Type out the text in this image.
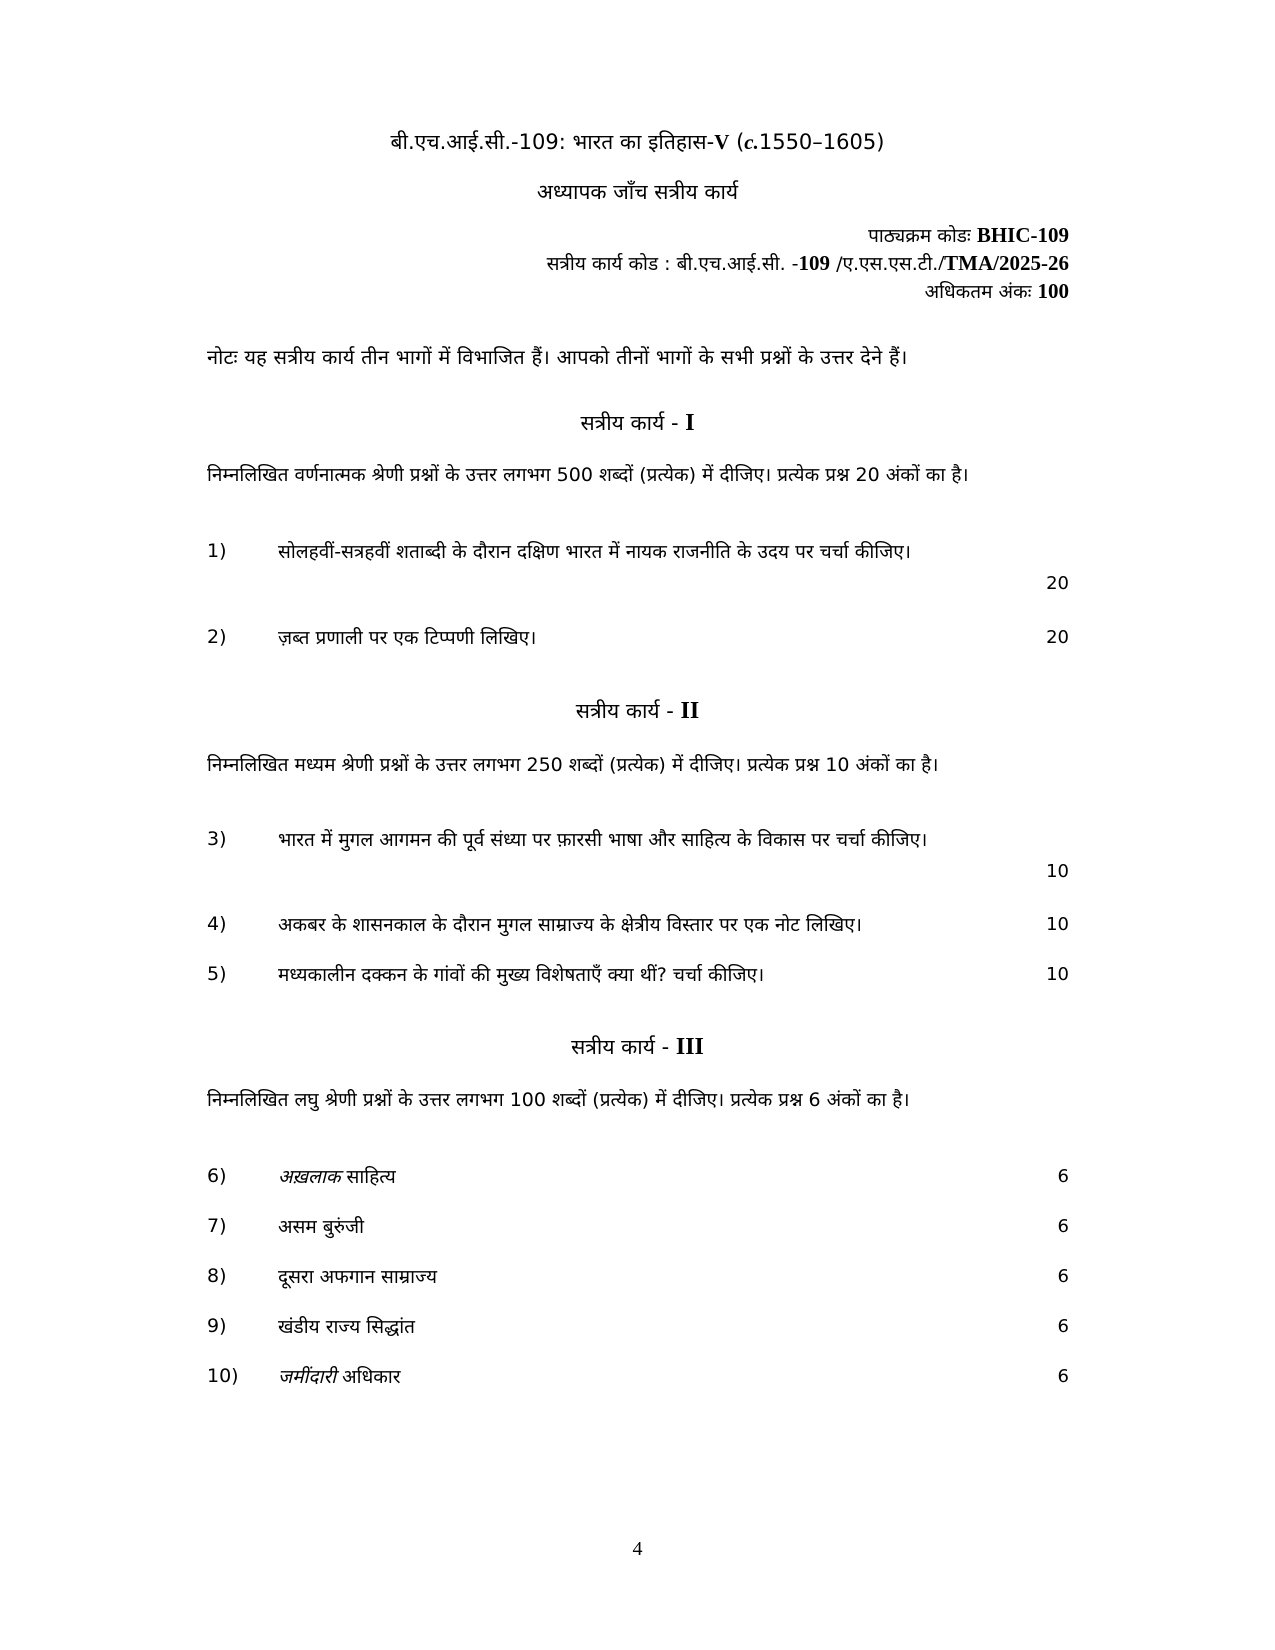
बी.एच.आई.सी.-109: भारत का इतिहास-V (c.1550–1605)
अध्यापक जाँच सत्रीय कार्य
पाठ्यक्रम कोडः BHIC-109
सत्रीय कार्य कोड : बी.एच.आई.सी. -109 /ए.एस.एस.टी./TMA/2025-26
अधिकतम अंकः 100
नोटः यह सत्रीय कार्य तीन भागों में विभाजित हैं। आपको तीनों भागों के सभी प्रश्नों के उत्तर देने हैं।
सत्रीय कार्य - I
निम्नलिखित वर्णनात्मक श्रेणी प्रश्नों के उत्तर लगभग 500 शब्दों (प्रत्येक) में दीजिए। प्रत्येक प्रश्न 20 अंकों का है।
1)	सोलहवीं-सत्रहवीं शताब्दी के दौरान दक्षिण भारत में नायक राजनीति के उदय पर चर्चा कीजिए।
20
2)	ज़ब्त प्रणाली पर एक टिप्पणी लिखिए।	20
सत्रीय कार्य - II
निम्नलिखित मध्यम श्रेणी प्रश्नों के उत्तर लगभग 250 शब्दों (प्रत्येक) में दीजिए। प्रत्येक प्रश्न 10 अंकों का है।
3)	भारत में मुगल आगमन की पूर्व संध्या पर फ़ारसी भाषा और साहित्य के विकास पर चर्चा कीजिए।
10
4)	अकबर के शासनकाल के दौरान मुगल साम्राज्य के क्षेत्रीय विस्तार पर एक नोट लिखिए।	10
5)	मध्यकालीन दक्कन के गांवों की मुख्य विशेषताएँ क्या थीं? चर्चा कीजिए।	10
सत्रीय कार्य - III
निम्नलिखित लघु श्रेणी प्रश्नों के उत्तर लगभग 100 शब्दों (प्रत्येक) में दीजिए। प्रत्येक प्रश्न 6 अंकों का है।
6)	अख़लाक साहित्य	6
7)	असम बुरुंजी	6
8)	दूसरा अफगान साम्राज्य	6
9)	खंडीय राज्य सिद्धांत	6
10) जमींदारी अधिकार	6
4
